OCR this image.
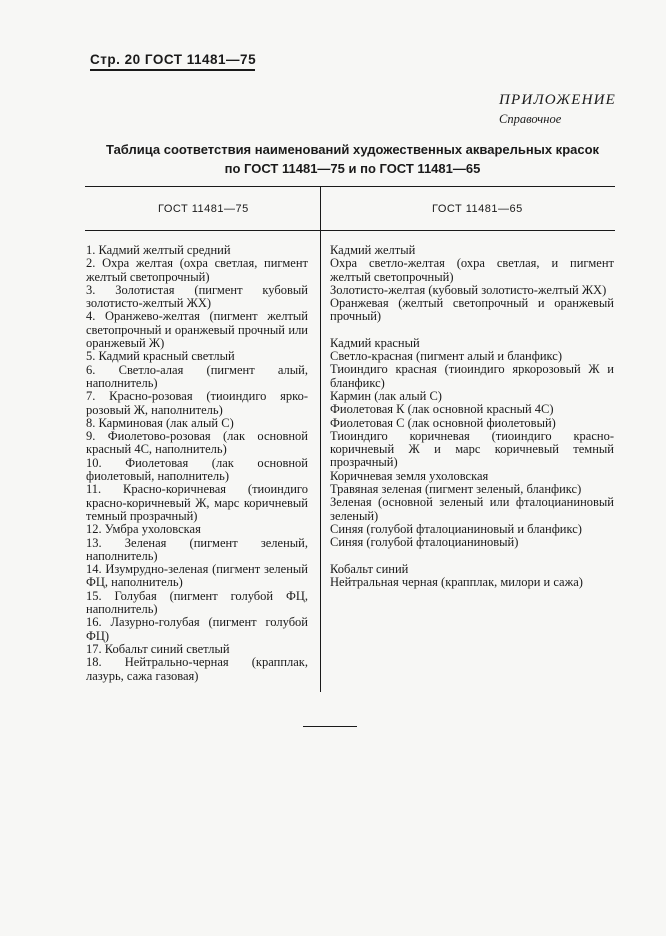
Стр. 20 ГОСТ 11481—75
ПРИЛОЖЕНИЕ
Справочное
Таблица соответствия наименований художественных акварельных красок
по ГОСТ 11481—75 и по ГОСТ 11481—65
ГОСТ 11481—75	ГОСТ 11481—65
1. Кадмий желтый средний
2. Охра желтая (охра светлая, пигмент желтый светопрочный)
3. Золотистая (пигмент кубовый золотисто-желтый ЖХ)
4. Оранжево-желтая (пигмент желтый светопрочный и оранжевый прочный или оранжевый Ж)
5. Кадмий красный светлый
6. Светло-алая (пигмент алый, наполнитель)
7. Красно-розовая (тиоиндиго ярко-розовый Ж, наполнитель)
8. Карминовая (лак алый С)
9. Фиолетово-розовая (лак основной красный 4С, наполнитель)
10. Фиолетовая (лак основной фиолетовый, наполнитель)
11. Красно-коричневая (тиоиндиго красно-коричневый Ж, марс коричневый темный прозрачный)
12. Умбра ухоловская
13. Зеленая (пигмент зеленый, наполнитель)
14. Изумрудно-зеленая (пигмент зеленый ФЦ, наполнитель)
15. Голубая (пигмент голубой ФЦ, наполнитель)
16. Лазурно-голубая (пигмент голубой ФЦ)
17. Кобальт синий светлый
18. Нейтрально-черная (крапплак, лазурь, сажа газовая)
Кадмий желтый
Охра светло-желтая (охра светлая, и пигмент желтый светопрочный)
Золотисто-желтая (кубовый золотисто-желтый ЖХ)
Оранжевая (желтый светопрочный и оранжевый прочный)
Кадмий красный
Светло-красная (пигмент алый и бланфикс)
Тиоиндиго красная (тиоиндиго яркорозовый Ж и бланфикс)
Кармин (лак алый С)
Фиолетовая К (лак основной красный 4С)
Фиолетовая С (лак основной фиолетовый)
Тиоиндиго коричневая (тиоиндиго красно-коричневый Ж и марс коричневый темный прозрачный)
Коричневая земля ухоловская
Травяная зеленая (пигмент зеленый, бланфикс)
Зеленая (основной зеленый или фталоцианиновый зеленый)
Синяя (голубой фталоцианиновый и бланфикс)
Синяя (голубой фталоцианиновый)
Кобальт синий
Нейтральная черная (крапплак, милори и сажа)
